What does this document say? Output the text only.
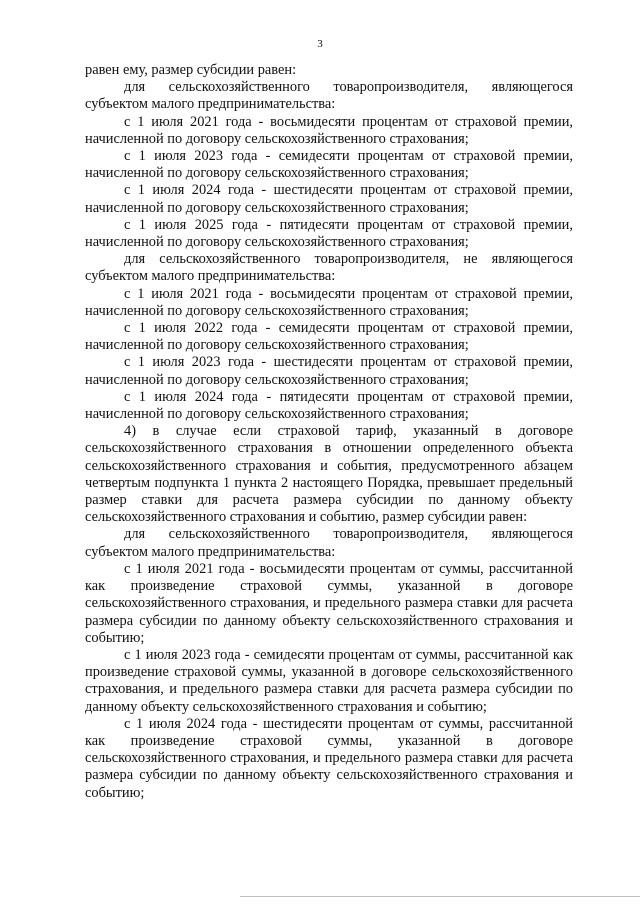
3

равен ему, размер субсидии равен:

для сельскохозяйственного товаропроизводителя, являющегося субъектом малого предпринимательства:

с 1 июля 2021 года - восьмидесяти процентам от страховой премии, начисленной по договору сельскохозяйственного страхования;

с 1 июля 2023 года - семидесяти процентам от страховой премии, начисленной по договору сельскохозяйственного страхования;

с 1 июля 2024 года - шестидесяти процентам от страховой премии, начисленной по договору сельскохозяйственного страхования;

с 1 июля 2025 года - пятидесяти процентам от страховой премии, начисленной по договору сельскохозяйственного страхования;

для сельскохозяйственного товаропроизводителя, не являющегося субъектом малого предпринимательства:

с 1 июля 2021 года - восьмидесяти процентам от страховой премии, начисленной по договору сельскохозяйственного страхования;

с 1 июля 2022 года - семидесяти процентам от страховой премии, начисленной по договору сельскохозяйственного страхования;

с 1 июля 2023 года - шестидесяти процентам от страховой премии, начисленной по договору сельскохозяйственного страхования;

с 1 июля 2024 года - пятидесяти процентам от страховой премии, начисленной по договору сельскохозяйственного страхования;

4) в случае если страховой тариф, указанный в договоре сельскохозяйственного страхования в отношении определенного объекта сельскохозяйственного страхования и события, предусмотренного абзацем четвертым подпункта 1 пункта 2 настоящего Порядка, превышает предельный размер ставки для расчета размера субсидии по данному объекту сельскохозяйственного страхования и событию, размер субсидии равен:

для сельскохозяйственного товаропроизводителя, являющегося субъектом малого предпринимательства:

с 1 июля 2021 года - восьмидесяти процентам от суммы, рассчитанной как произведение страховой суммы, указанной в договоре сельскохозяйственного страхования, и предельного размера ставки для расчета размера субсидии по данному объекту сельскохозяйственного страхования и событию;

с 1 июля 2023 года - семидесяти процентам от суммы, рассчитанной как произведение страховой суммы, указанной в договоре сельскохозяйственного страхования, и предельного размера ставки для расчета размера субсидии по данному объекту сельскохозяйственного страхования и событию;

с 1 июля 2024 года - шестидесяти процентам от суммы, рассчитанной как произведение страховой суммы, указанной в договоре сельскохозяйственного страхования, и предельного размера ставки для расчета размера субсидии по данному объекту сельскохозяйственного страхования и событию;
